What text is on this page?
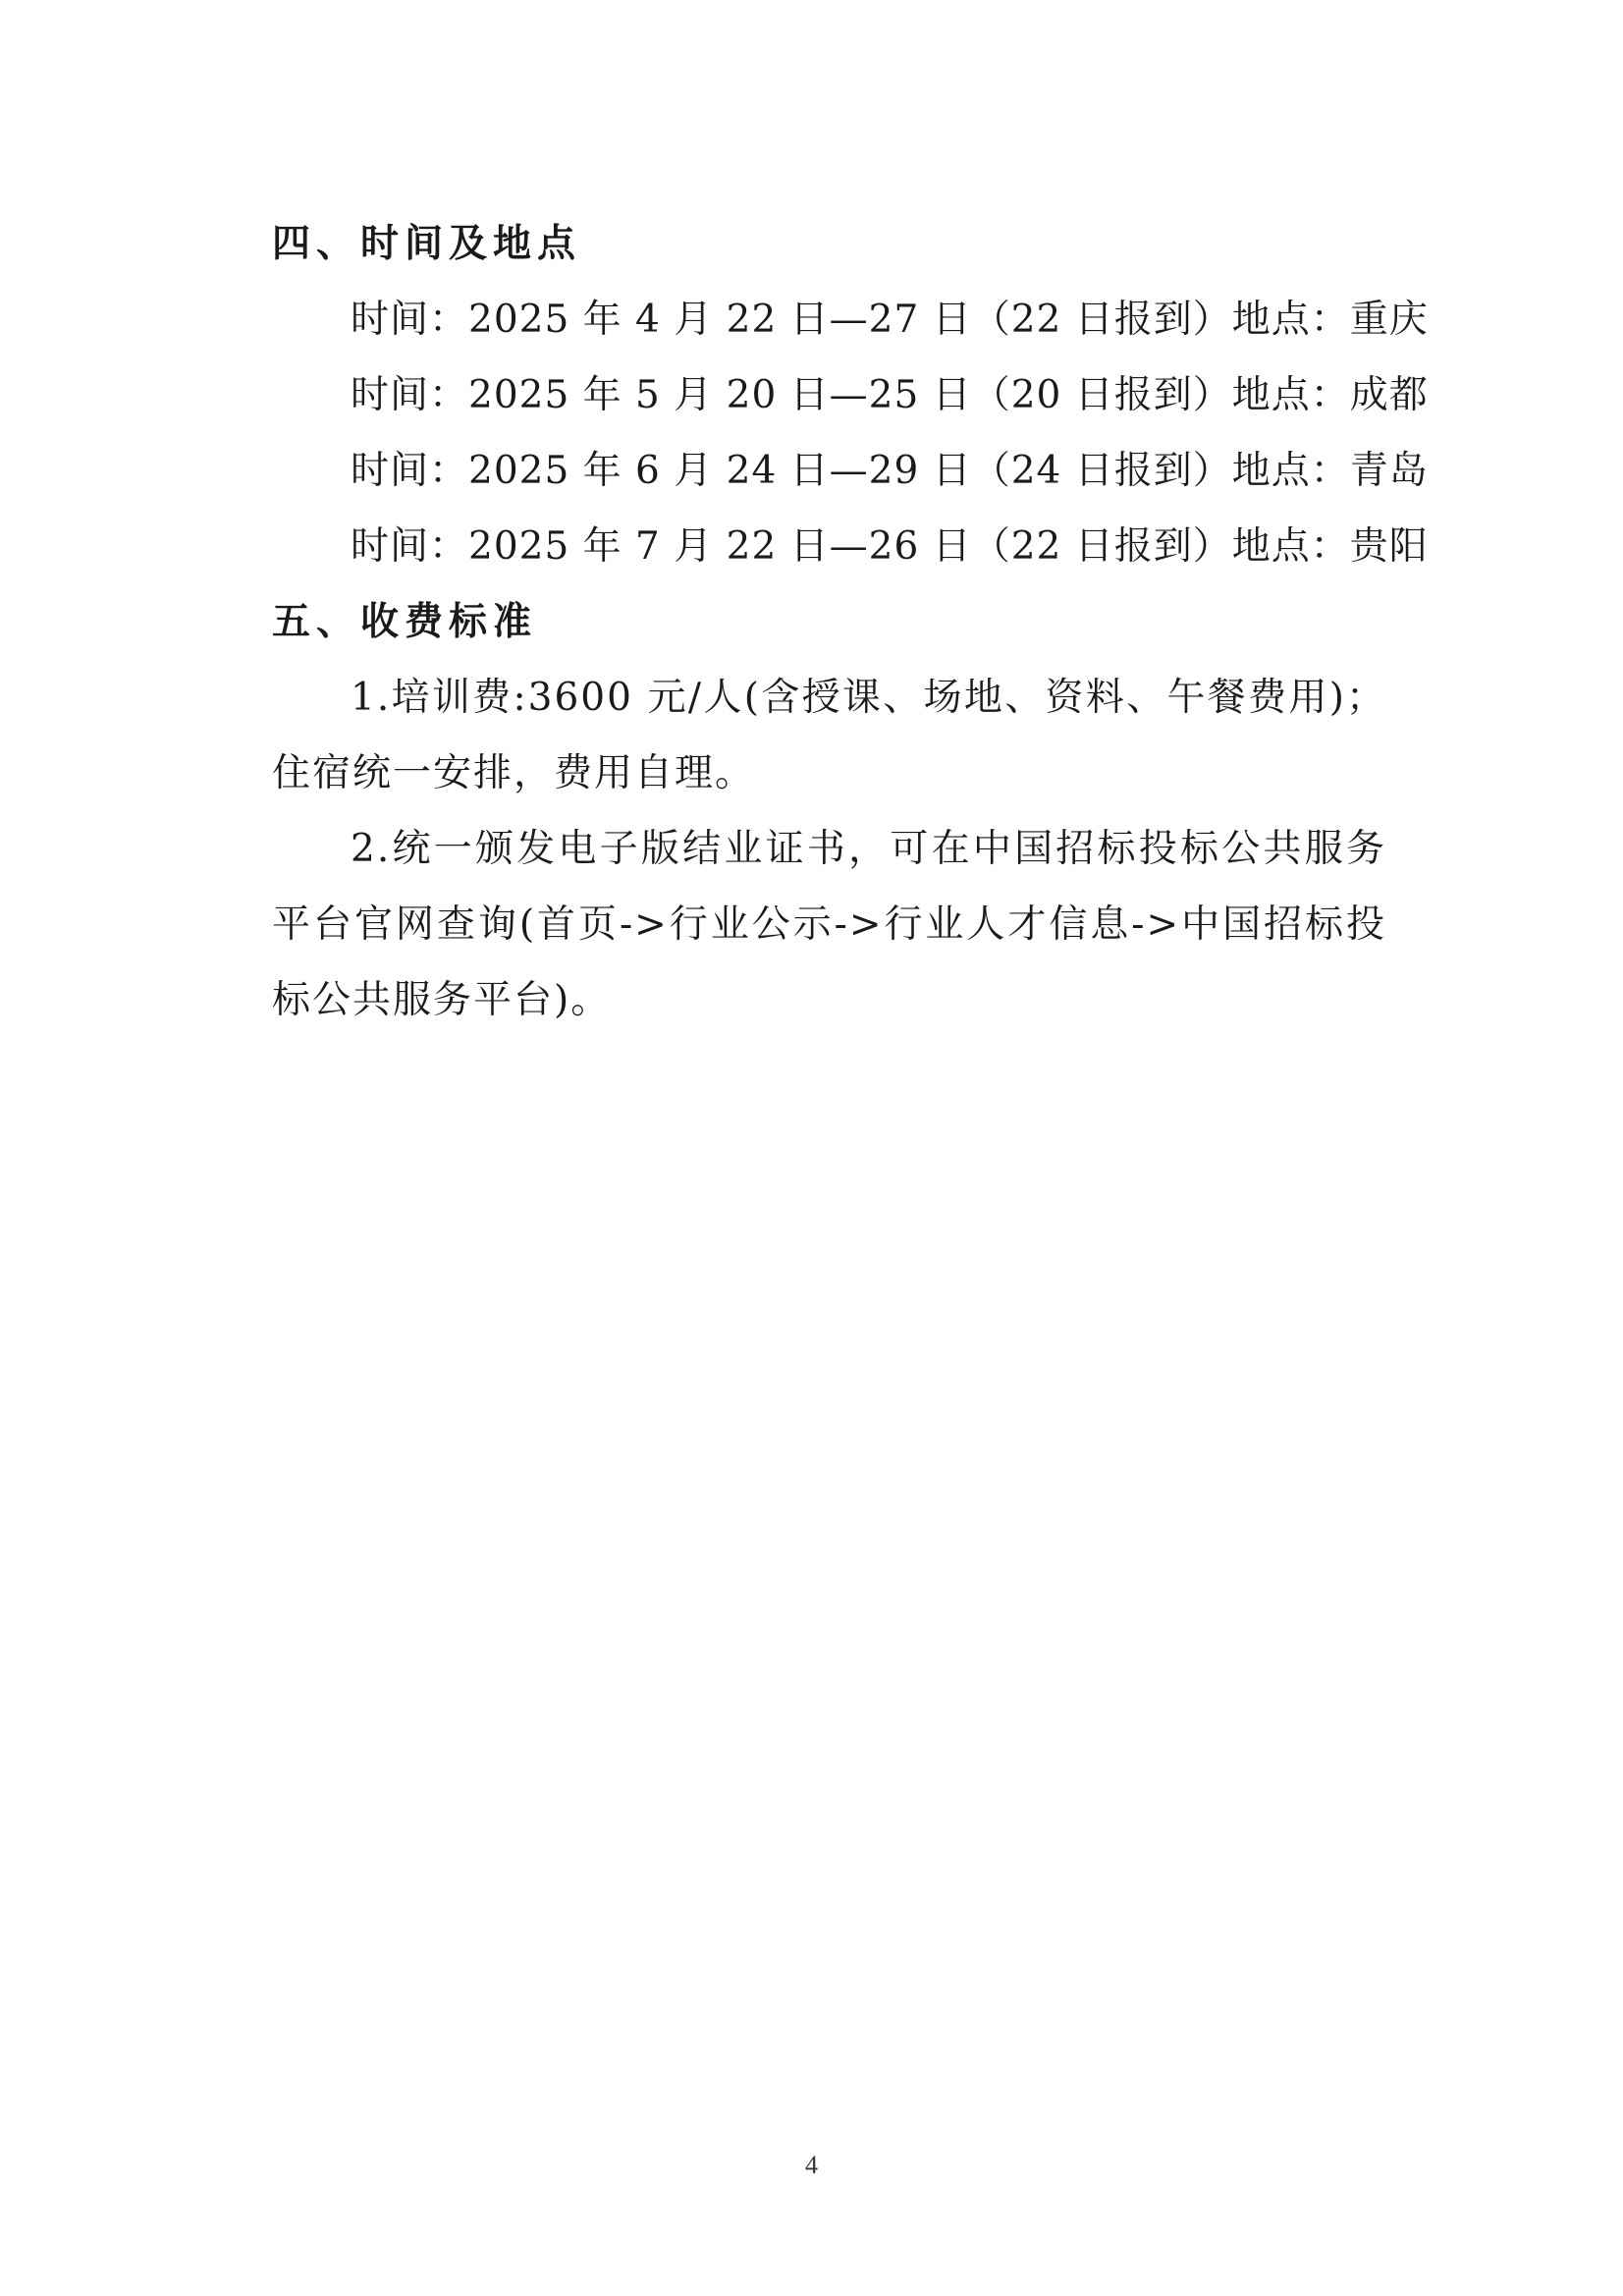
四、时间及地点
时间：2025 年 4 月 22 日—27 日（22 日报到）地点：重庆
时间：2025 年 5 月 20 日—25 日（20 日报到）地点：成都
时间：2025 年 6 月 24 日—29 日（24 日报到）地点：青岛
时间：2025 年 7 月 22 日—26 日（22 日报到）地点：贵阳
五、收费标准
1.培训费:3600 元/人(含授课、场地、资料、午餐费用)；住宿统一安排，费用自理。
2.统一颁发电子版结业证书，可在中国招标投标公共服务平台官网查询(首页->行业公示->行业人才信息->中国招标投标公共服务平台)。
4
